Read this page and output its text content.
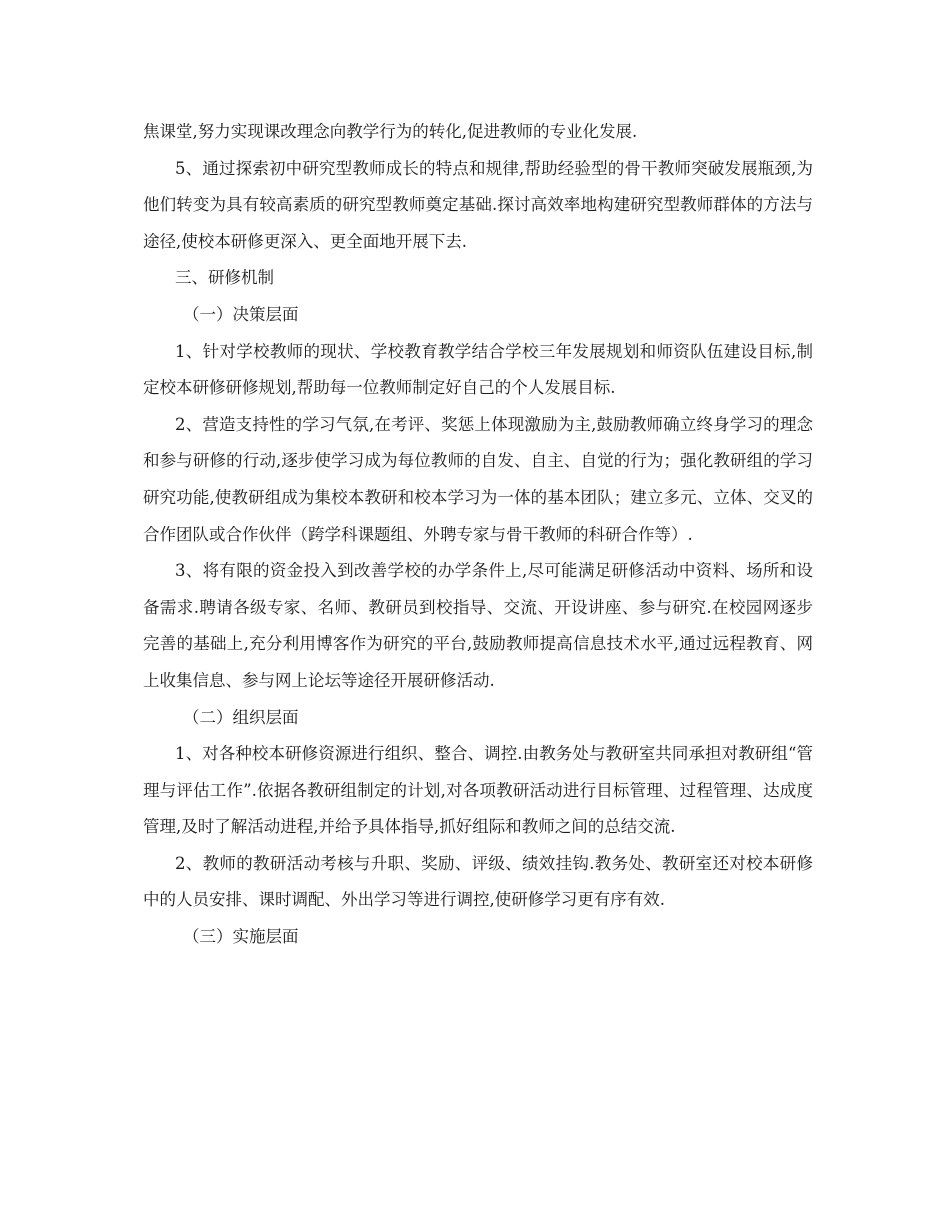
焦课堂,努力实现课改理念向教学行为的转化,促进教师的专业化发展.

5、通过探索初中研究型教师成长的特点和规律,帮助经验型的骨干教师突破发展瓶颈,为他们转变为具有较高素质的研究型教师奠定基础.探讨高效率地构建研究型教师群体的方法与途径,使校本研修更深入、更全面地开展下去.

三、研修机制

（一）决策层面

1、针对学校教师的现状、学校教育教学结合学校三年发展规划和师资队伍建设目标,制定校本研修研修规划,帮助每一位教师制定好自己的个人发展目标.

2、营造支持性的学习气氛,在考评、奖惩上体现激励为主,鼓励教师确立终身学习的理念和参与研修的行动,逐步使学习成为每位教师的自发、自主、自觉的行为；强化教研组的学习研究功能,使教研组成为集校本教研和校本学习为一体的基本团队；建立多元、立体、交叉的合作团队或合作伙伴（跨学科课题组、外聘专家与骨干教师的科研合作等）.

3、将有限的资金投入到改善学校的办学条件上,尽可能满足研修活动中资料、场所和设备需求.聘请各级专家、名师、教研员到校指导、交流、开设讲座、参与研究.在校园网逐步完善的基础上,充分利用博客作为研究的平台,鼓励教师提高信息技术水平,通过远程教育、网上收集信息、参与网上论坛等途径开展研修活动.

（二）组织层面

1、对各种校本研修资源进行组织、整合、调控.由教务处与教研室共同承担对教研组“管理与评估工作”.依据各教研组制定的计划,对各项教研活动进行目标管理、过程管理、达成度管理,及时了解活动进程,并给予具体指导,抓好组际和教师之间的总结交流.

2、教师的教研活动考核与升职、奖励、评级、绩效挂钩.教务处、教研室还对校本研修中的人员安排、课时调配、外出学习等进行调控,使研修学习更有序有效.

（三）实施层面
